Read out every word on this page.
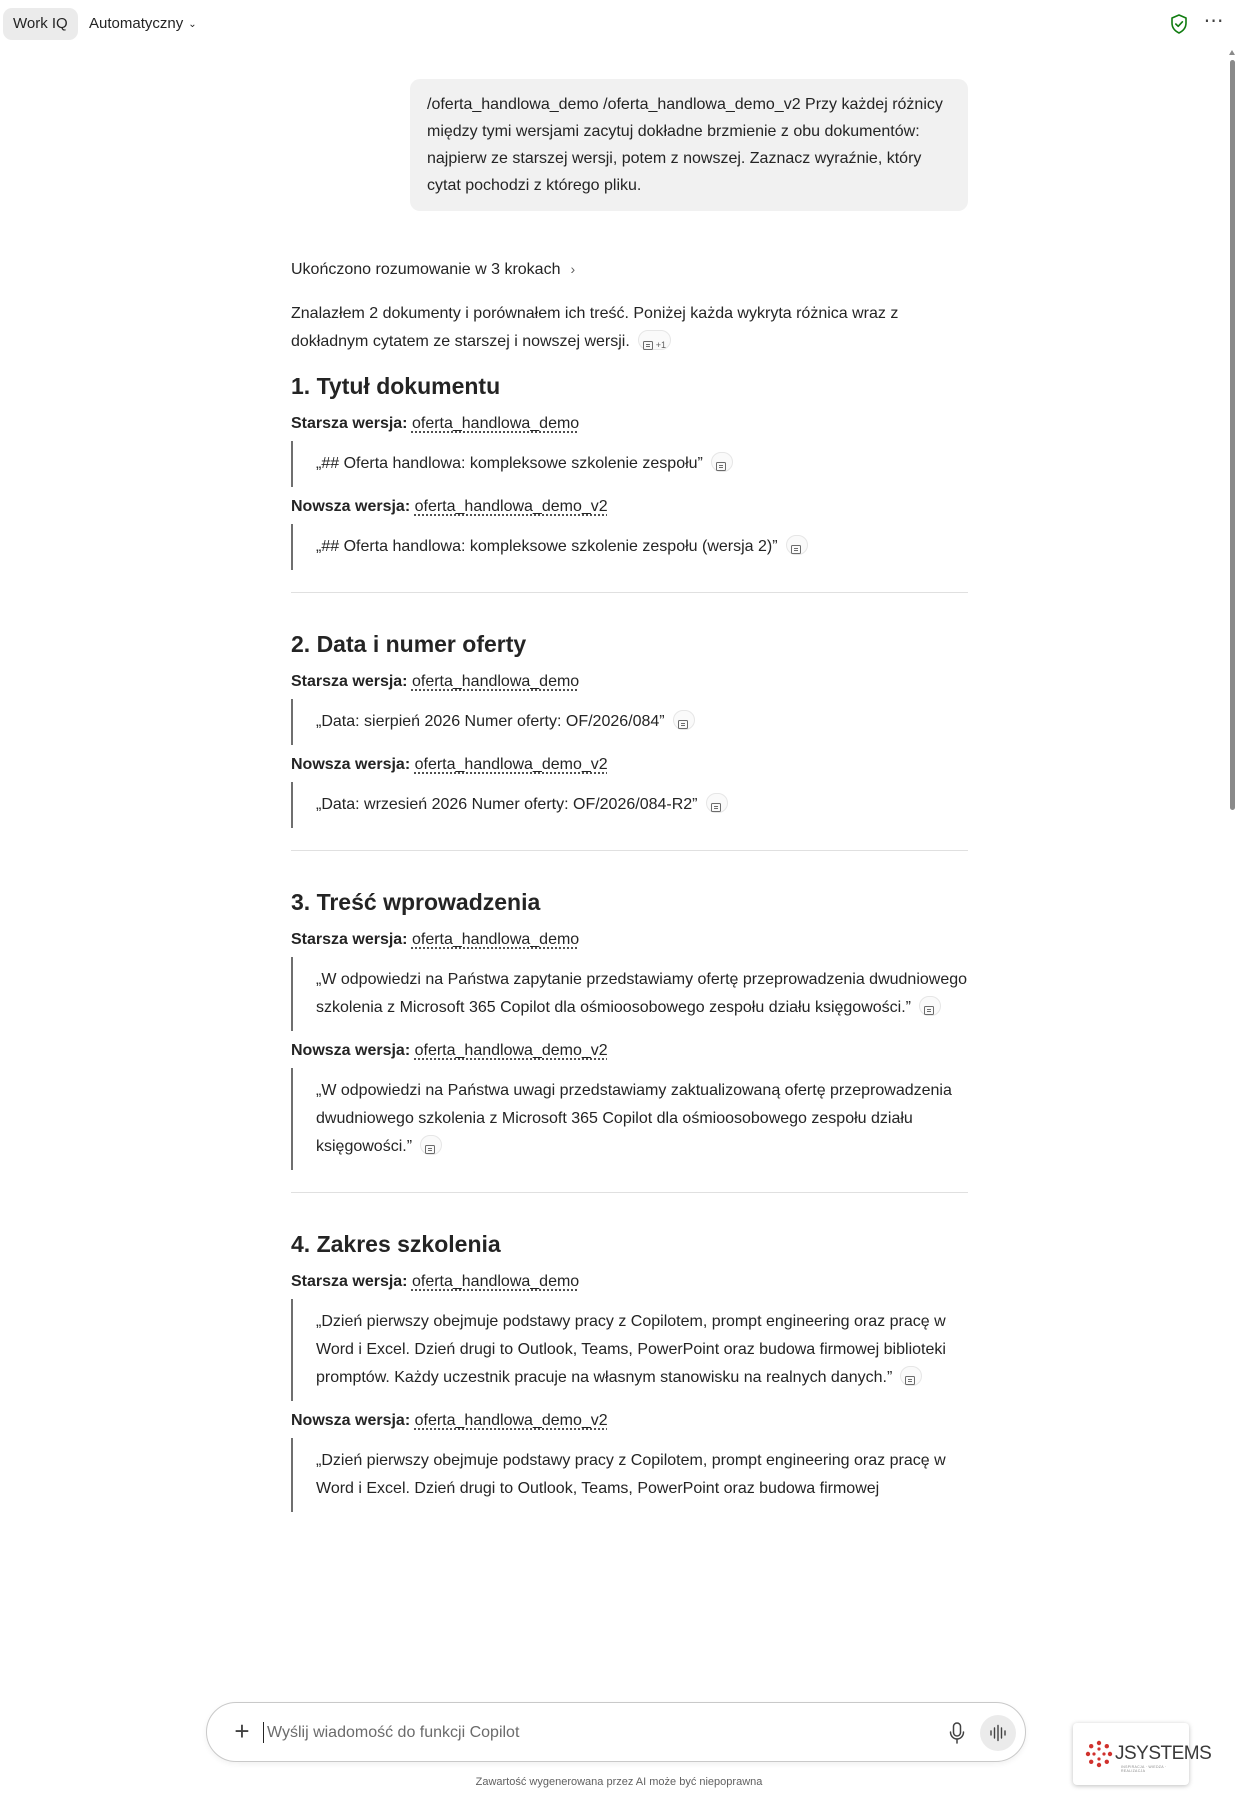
Work IQ	Automatyczny ⌄	⋯
/oferta_handlowa_demo /oferta_handlowa_demo_v2 Przy każdej różnicy między tymi wersjami zacytuj dokładne brzmienie z obu dokumentów: najpierw ze starszej wersji, potem z nowszej. Zaznacz wyraźnie, który cytat pochodzi z którego pliku.
Ukończono rozumowanie w 3 krokach ›

Znalazłem 2 dokumenty i porównałem ich treść. Poniżej każda wykryta różnica wraz z dokładnym cytatem ze starszej i nowszej wersji.	+1

1. Tytuł dokumentu
Starsza wersja: oferta_handlowa_demo
„## Oferta handlowa: kompleksowe szkolenie zespołu”
Nowsza wersja: oferta_handlowa_demo_v2
„## Oferta handlowa: kompleksowe szkolenie zespołu (wersja 2)”
2. Data i numer oferty
Starsza wersja: oferta_handlowa_demo
„Data: sierpień 2026 Numer oferty: OF/2026/084”
Nowsza wersja: oferta_handlowa_demo_v2
„Data: wrzesień 2026 Numer oferty: OF/2026/084-R2”
3. Treść wprowadzenia
Starsza wersja: oferta_handlowa_demo
„W odpowiedzi na Państwa zapytanie przedstawiamy ofertę przeprowadzenia dwudniowego szkolenia z Microsoft 365 Copilot dla ośmioosobowego zespołu działu księgowości.”
Nowsza wersja: oferta_handlowa_demo_v2
„W odpowiedzi na Państwa uwagi przedstawiamy zaktualizowaną ofertę przeprowadzenia dwudniowego szkolenia z Microsoft 365 Copilot dla ośmioosobowego zespołu działu księgowości.”
4. Zakres szkolenia
Starsza wersja: oferta_handlowa_demo
„Dzień pierwszy obejmuje podstawy pracy z Copilotem, prompt engineering oraz pracę w Word i Excel. Dzień drugi to Outlook, Teams, PowerPoint oraz budowa firmowej biblioteki promptów. Każdy uczestnik pracuje na własnym stanowisku na realnych danych.”
Nowsza wersja: oferta_handlowa_demo_v2
„Dzień pierwszy obejmuje podstawy pracy z Copilotem, prompt engineering oraz pracę w Word i Excel. Dzień drugi to Outlook, Teams, PowerPoint oraz budowa firmowej
+
Wyślij wiadomość do funkcji Copilot
Zawartość wygenerowana przez AI może być niepoprawna
JSYSTEMS
INSPIRACJA · WIEDZA · REALIZACJA
